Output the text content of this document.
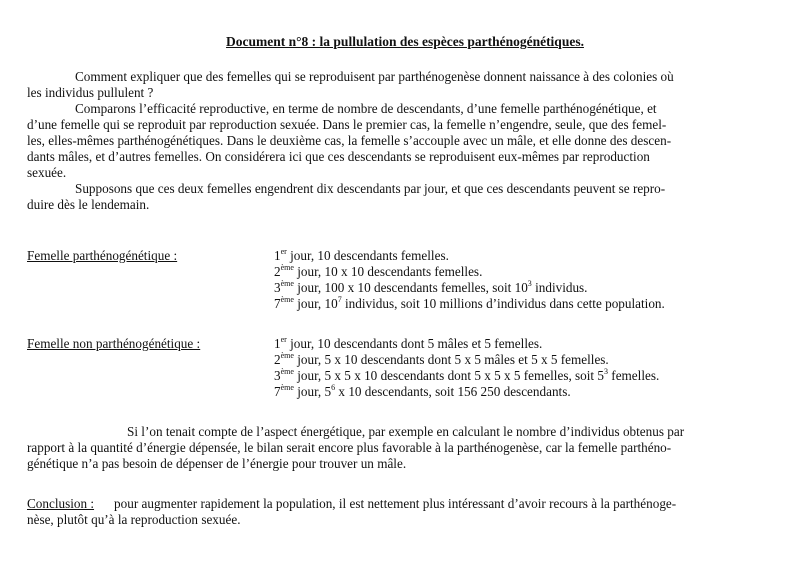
Document n°8 : la pullulation des espèces parthénogénétiques.
Comment expliquer que des femelles qui se reproduisent par parthénogenèse donnent naissance à des colonies où
les individus pullulent ?
Comparons l’efficacité reproductive, en terme de nombre de descendants, d’une femelle parthénogénétique, et
d’une femelle qui se reproduit par reproduction sexuée. Dans le premier cas, la femelle n’engendre, seule, que des femel-
les, elles-mêmes parthénogénétiques. Dans le deuxième cas, la femelle s’accouple avec un mâle, et elle donne des descen-
dants mâles, et d’autres femelles. On considérera ici que ces descendants se reproduisent eux-mêmes par reproduction
sexuée.
Supposons que ces deux femelles engendrent dix descendants par jour, et que ces descendants peuvent se repro-
duire dès le lendemain.
Femelle parthénogénétique :	1er jour, 10 descendants femelles.
2ème jour, 10 x 10 descendants femelles.
3ème jour, 100 x 10 descendants femelles, soit $10^3$ individus.
7ème jour, $10^7$ individus, soit 10 millions d’individus dans cette population.
Femelle non parthénogénétique :	1er jour, 10 descendants dont 5 mâles et 5 femelles.
2ème jour, 5 x 10 descendants dont 5 x 5 mâles et 5 x 5 femelles.
3ème jour, 5 x 5 x 10 descendants dont 5 x 5 x 5 femelles, soit $5^3$ femelles.
7ème jour, $5^6$ x 10 descendants, soit 156 250 descendants.
Si l’on tenait compte de l’aspect énergétique, par exemple en calculant le nombre d’individus obtenus par
rapport à la quantité d’énergie dépensée, le bilan serait encore plus favorable à la parthénogenèse, car la femelle parthéno-
génétique n’a pas besoin de dépenser de l’énergie pour trouver un mâle.
Conclusion : pour augmenter rapidement la population, il est nettement plus intéressant d’avoir recours à la parthénoge-
nèse, plutôt qu’à la reproduction sexuée.
